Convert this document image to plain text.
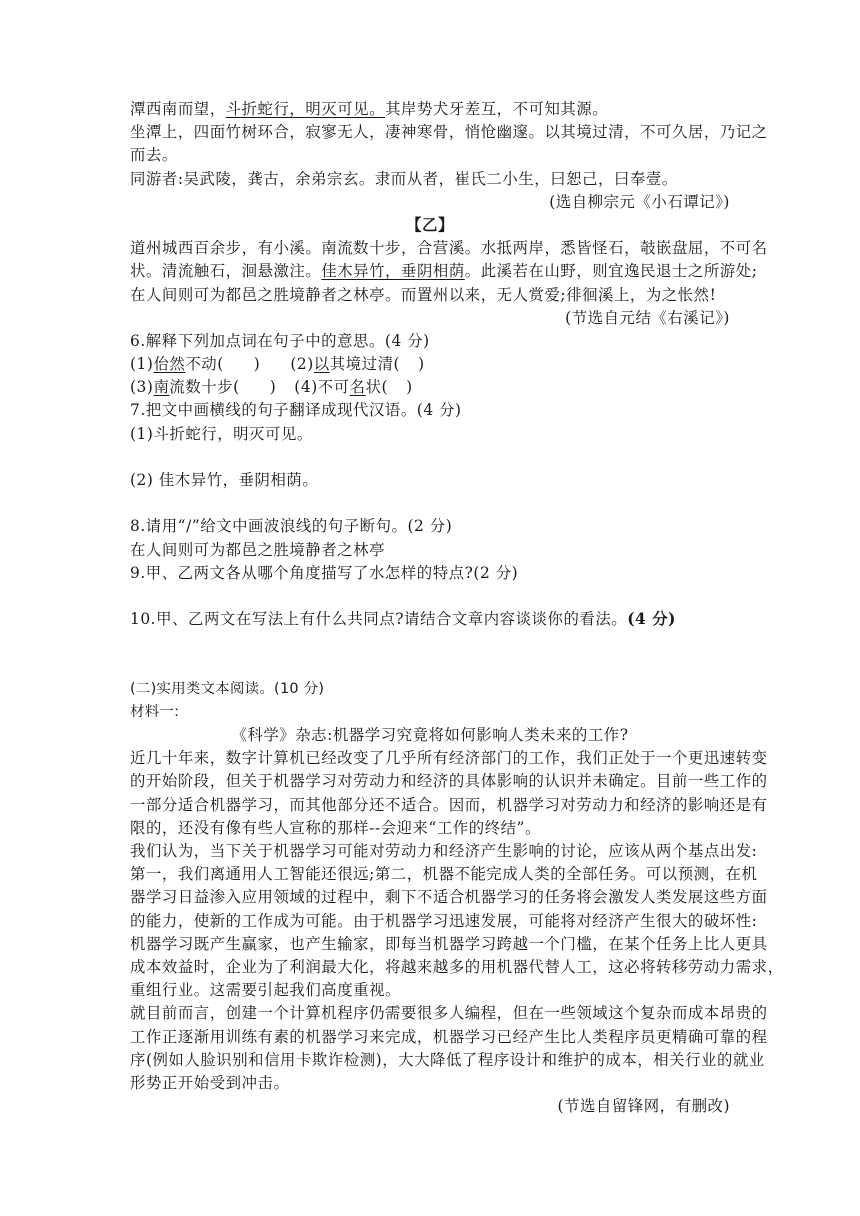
潭西南而望，斗折蛇行，明灭可见。其岸势犬牙差互，不可知其源。
坐潭上，四面竹树环合，寂寥无人，凄神寒骨，悄怆幽邃。以其境过清，不可久居，乃记之
而去。
同游者:吴武陵，龚古，余弟宗玄。隶而从者，崔氏二小生，曰恕己，曰奉壹。
(选自柳宗元《小石谭记》)
【乙】
道州城西百余步，有小溪。南流数十步，合营溪。水抵两岸，悉皆怪石，攲嵌盘屈，不可名
状。清流触石，洄悬激注。佳木异竹，垂阴相荫。此溪若在山野，则宜逸民退士之所游处;
在人间则可为都邑之胜境静者之林亭。而置州以来，无人赏爱;徘徊溪上，为之怅然!
(节选自元结《右溪记》)
6.解释下列加点词在句子中的意思。(4 分)
(1)佁然不动( ) (2)以其境过清( )
(3)南流数十步( ) (4)不可名状( )
7.把文中画横线的句子翻译成现代汉语。(4 分)
(1)斗折蛇行，明灭可见。
(2) 佳木异竹，垂阴相荫。
8.请用“/”给文中画波浪线的句子断句。(2 分)
在人间则可为都邑之胜境静者之林亭
9.甲、乙两文各从哪个角度描写了水怎样的特点?(2 分)
10.甲、乙两文在写法上有什么共同点?请结合文章内容谈谈你的看法。(4 分)
(二)实用类文本阅读。(10 分)
材料一:
《科学》杂志:机器学习究竟将如何影响人类未来的工作?
近几十年来，数字计算机已经改变了几乎所有经济部门的工作，我们正处于一个更迅速转变
的开始阶段，但关于机器学习对劳动力和经济的具体影响的认识并未确定。目前一些工作的
一部分适合机器学习，而其他部分还不适合。因而，机器学习对劳动力和经济的影响还是有
限的，还没有像有些人宣称的那样--会迎来“工作的终结”。
我们认为，当下关于机器学习可能对劳动力和经济产生影响的讨论，应该从两个基点出发:
第一，我们离通用人工智能还很远;第二，机器不能完成人类的全部任务。可以预测，在机
器学习日益渗入应用领域的过程中，剩下不适合机器学习的任务将会激发人类发展这些方面
的能力，使新的工作成为可能。由于机器学习迅速发展，可能将对经济产生很大的破坏性:
机器学习既产生赢家，也产生输家，即每当机器学习跨越一个门槛，在某个任务上比人更具
成本效益时，企业为了利润最大化，将越来越多的用机器代替人工，这必将转移劳动力需求，
重组行业。这需要引起我们高度重视。
就目前而言，创建一个计算机程序仍需要很多人编程，但在一些领域这个复杂而成本昂贵的
工作正逐渐用训练有素的机器学习来完成，机器学习已经产生比人类程序员更精确可靠的程
序(例如人脸识别和信用卡欺诈检测)，大大降低了程序设计和维护的成本，相关行业的就业
形势正开始受到冲击。
(节选自留锋网，有删改)
